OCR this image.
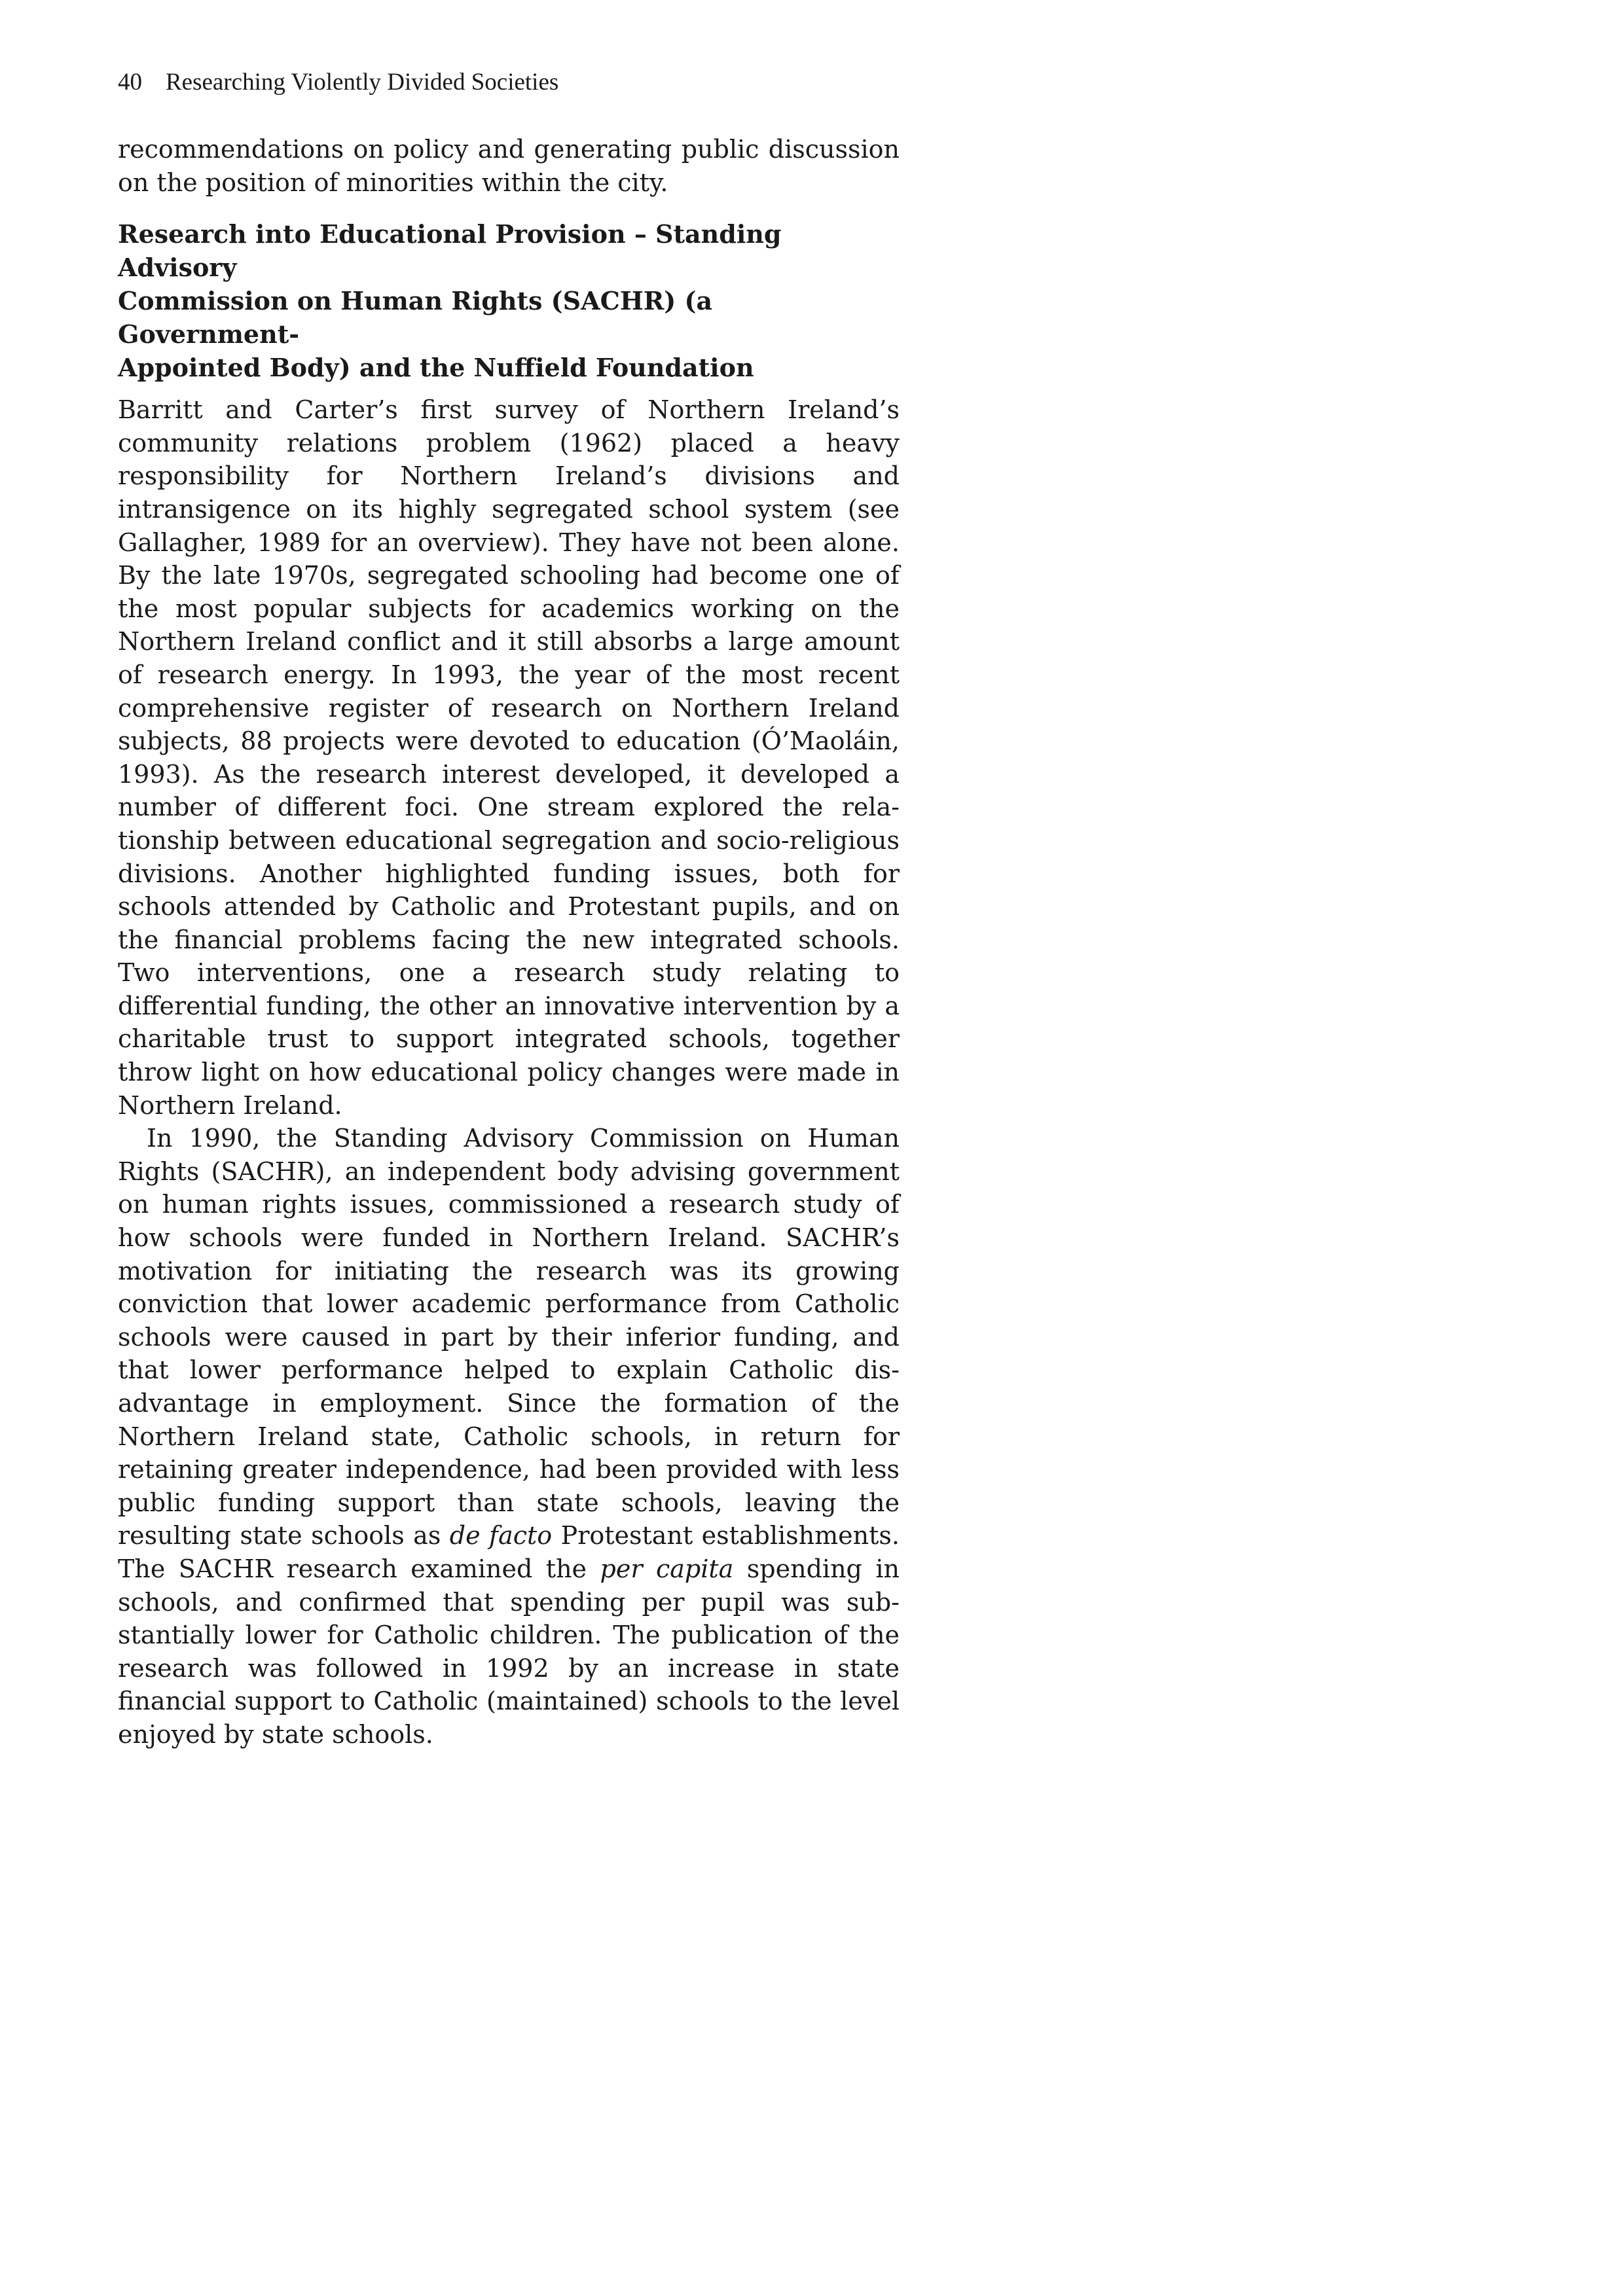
40 Researching Violently Divided Societies

recommendations on policy and generating public discussion on the position of minorities within the city.

Research into Educational Provision – Standing Advisory
Commission on Human Rights (SACHR) (a Government-
Appointed Body) and the Nuffield Foundation

Barritt and Carter’s first survey of Northern Ireland’s community relations problem (1962) placed a heavy responsibility for Northern Ireland’s divisions and intransigence on its highly segregated school system (see Gallagher, 1989 for an overview). They have not been alone. By the late 1970s, segregated schooling had become one of the most popular subjects for academics working on the Northern Ireland conflict and it still absorbs a large amount of research energy. In 1993, the year of the most recent comprehensive register of research on Northern Ireland subjects, 88 projects were devoted to education (Ó’Maoláin, 1993). As the research interest developed, it developed a number of different foci. One stream explored the relationship between educational segregation and socio-religious divisions. Another highlighted funding issues, both for schools attended by Catholic and Protestant pupils, and on the financial problems facing the new integrated schools. Two interventions, one a research study relating to differential funding, the other an innovative intervention by a charitable trust to support integrated schools, together throw light on how educational policy changes were made in Northern Ireland.

In 1990, the Standing Advisory Commission on Human Rights (SACHR), an independent body advising government on human rights issues, commissioned a research study of how schools were funded in Northern Ireland. SACHR’s motivation for initiating the research was its growing conviction that lower academic performance from Catholic schools were caused in part by their inferior funding, and that lower performance helped to explain Catholic disadvantage in employment. Since the formation of the Northern Ireland state, Catholic schools, in return for retaining greater independence, had been provided with less public funding support than state schools, leaving the resulting state schools as de facto Protestant establishments. The SACHR research examined the per capita spending in schools, and confirmed that spending per pupil was substantially lower for Catholic children. The publication of the research was followed in 1992 by an increase in state financial support to Catholic (maintained) schools to the level enjoyed by state schools.
